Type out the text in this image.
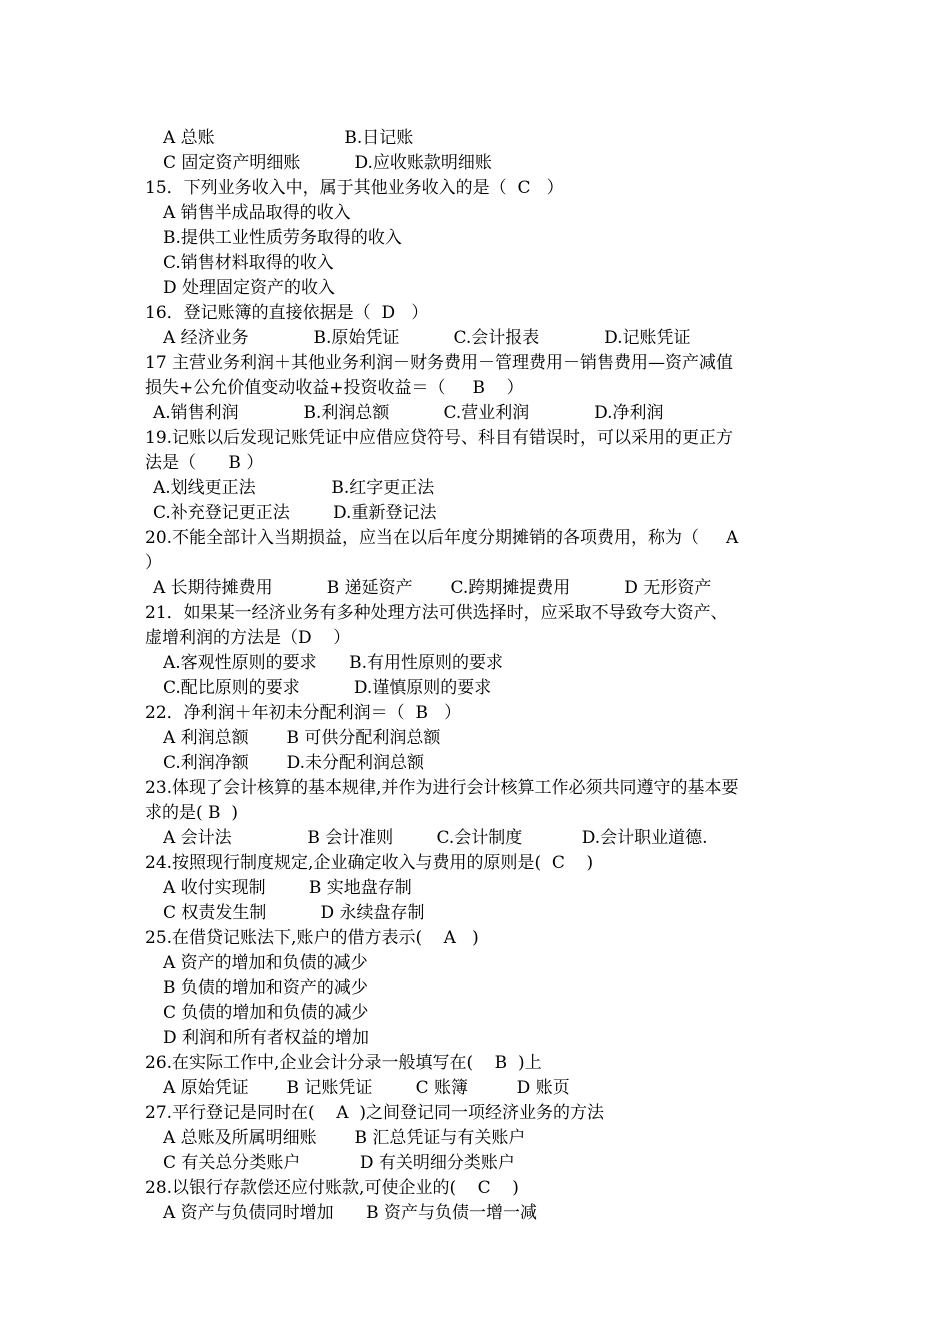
A 总账                        B.日记账
C 固定资产明细账          D.应收账款明细账
15．下列业务收入中，属于其他业务收入的是（  C   ）
A 销售半成品取得的收入
B.提供工业性质劳务取得的收入
C.销售材料取得的收入
D 处理固定资产的收入
16．登记账簿的直接依据是（  D   ）
A 经济业务            B.原始凭证          C.会计报表            D.记账凭证
17 主营业务利润＋其他业务利润－财务费用－管理费用－销售费用—资产减值
损失+公允价值变动收益+投资收益＝（     B    ）
A.销售利润            B.利润总额          C.营业利润            D.净利润
19.记账以后发现记账凭证中应借应贷符号、科目有错误时，可以采用的更正方
法是（      B ）
A.划线更正法              B.红字更正法
C.补充登记更正法        D.重新登记法
20.不能全部计入当期损益，应当在以后年度分期摊销的各项费用，称为（     A
）
A 长期待摊费用          B 递延资产       C.跨期摊提费用          D 无形资产
21．如果某一经济业务有多种处理方法可供选择时，应采取不导致夸大资产、
虚增利润的方法是（D    ）
A.客观性原则的要求      B.有用性原则的要求
C.配比原则的要求          D.谨慎原则的要求
22．净利润＋年初未分配利润＝（  B   ）
A 利润总额       B 可供分配利润总额
C.利润净额       D.未分配利润总额
23.体现了会计核算的基本规律,并作为进行会计核算工作必须共同遵守的基本要
求的是( B  )
A 会计法              B 会计准则        C.会计制度           D.会计职业道德.
24.按照现行制度规定,企业确定收入与费用的原则是(  C    )
A 收付实现制        B 实地盘存制
C 权责发生制          D 永续盘存制
25.在借贷记账法下,账户的借方表示(    A   )
A 资产的增加和负债的减少
B 负债的增加和资产的减少
C 负债的增加和负债的减少
D 利润和所有者权益的增加
26.在实际工作中,企业会计分录一般填写在(    B  )上
A 原始凭证       B 记账凭证        C 账簿         D 账页
27.平行登记是同时在(    A  )之间登记同一项经济业务的方法
A 总账及所属明细账       B 汇总凭证与有关账户
C 有关总分类账户           D 有关明细分类账户
28.以银行存款偿还应付账款,可使企业的(    C    )
A 资产与负债同时增加      B 资产与负债一增一减
